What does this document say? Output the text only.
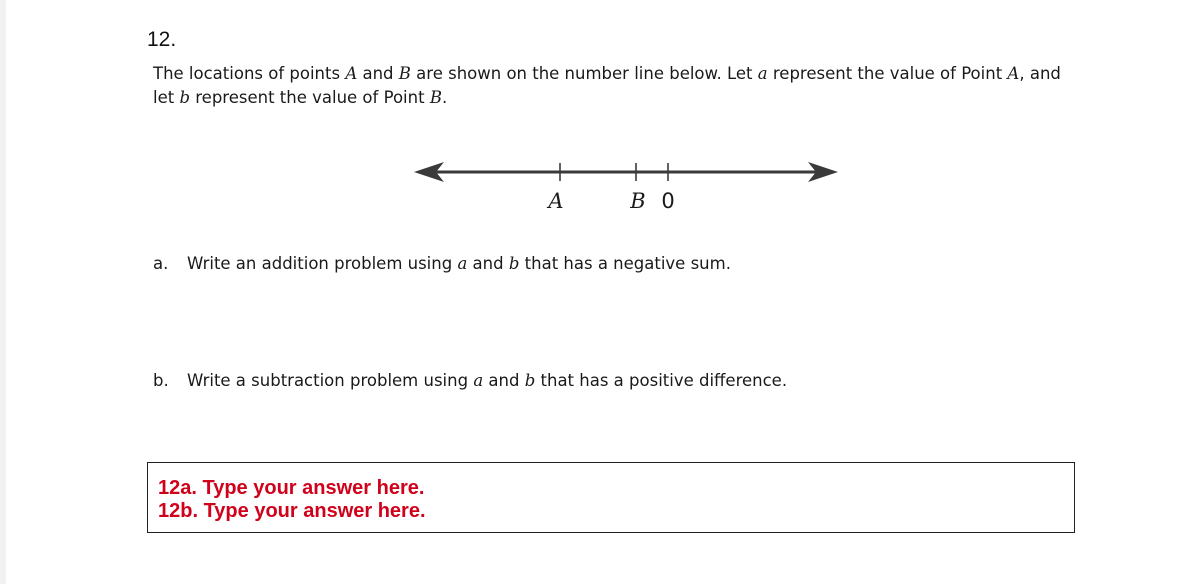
12.
The locations of points A and B are shown on the number line below. Let a represent the value of Point A, and let b represent the value of Point B.
A	B 0
a. Write an addition problem using a and b that has a negative sum.
b. Write a subtraction problem using a and b that has a positive difference.
12a. Type your answer here.
12b. Type your answer here.
